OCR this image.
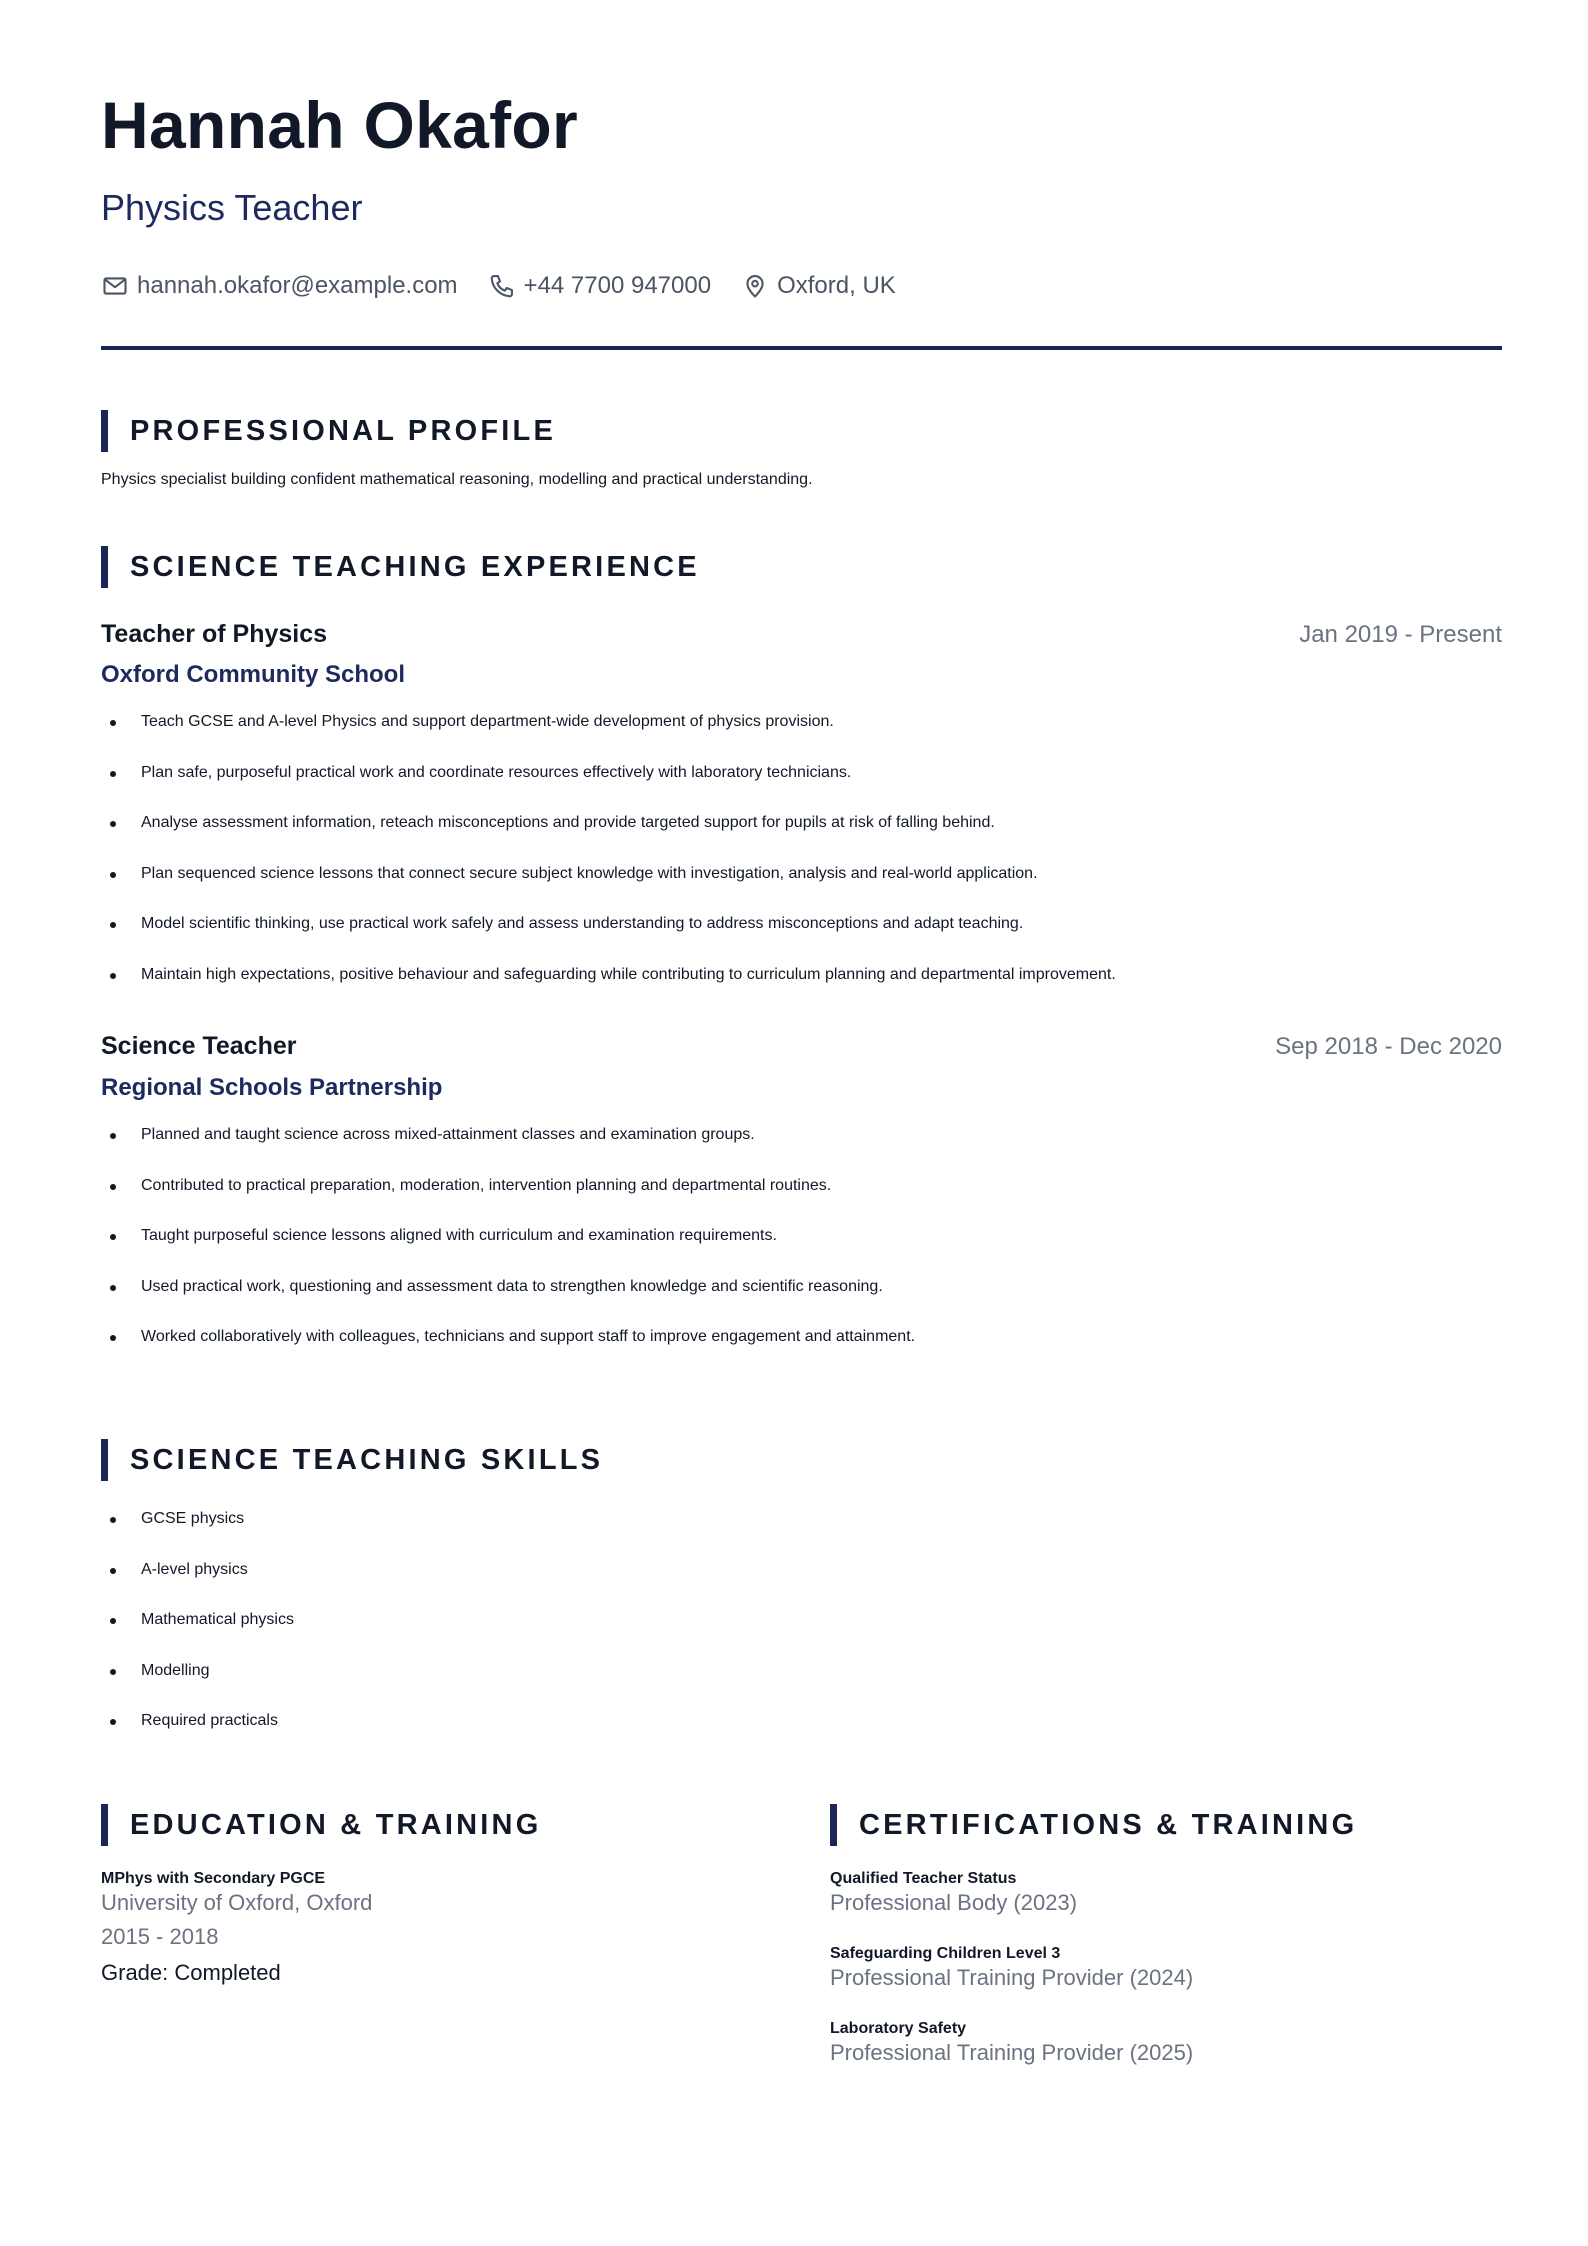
Hannah Okafor
Physics Teacher
hannah.okafor@example.com	+44 7700 947000	Oxford, UK
PROFESSIONAL PROFILE
Physics specialist building confident mathematical reasoning, modelling and practical understanding.
SCIENCE TEACHING EXPERIENCE
Teacher of Physics	Jan 2019 - Present
Oxford Community School
Teach GCSE and A-level Physics and support department-wide development of physics provision.
Plan safe, purposeful practical work and coordinate resources effectively with laboratory technicians.
Analyse assessment information, reteach misconceptions and provide targeted support for pupils at risk of falling behind.
Plan sequenced science lessons that connect secure subject knowledge with investigation, analysis and real-world application.
Model scientific thinking, use practical work safely and assess understanding to address misconceptions and adapt teaching.
Maintain high expectations, positive behaviour and safeguarding while contributing to curriculum planning and departmental improvement.
Science Teacher	Sep 2018 - Dec 2020
Regional Schools Partnership
Planned and taught science across mixed-attainment classes and examination groups.
Contributed to practical preparation, moderation, intervention planning and departmental routines.
Taught purposeful science lessons aligned with curriculum and examination requirements.
Used practical work, questioning and assessment data to strengthen knowledge and scientific reasoning.
Worked collaboratively with colleagues, technicians and support staff to improve engagement and attainment.
SCIENCE TEACHING SKILLS
GCSE physics
A-level physics
Mathematical physics
Modelling
Required practicals
EDUCATION & TRAINING
MPhys with Secondary PGCE
University of Oxford, Oxford
2015 - 2018
Grade: Completed
CERTIFICATIONS & TRAINING
Qualified Teacher Status
Professional Body (2023)
Safeguarding Children Level 3
Professional Training Provider (2024)
Laboratory Safety
Professional Training Provider (2025)
